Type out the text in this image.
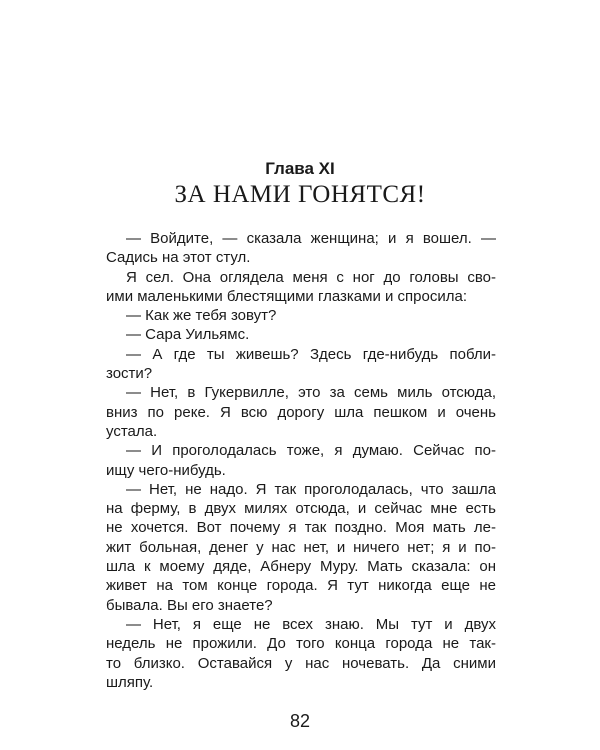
Глава XI
ЗА НАМИ ГОНЯТСЯ!
— Войдите, — сказала женщина; и я вошел. —
Садись на этот стул.
Я сел. Она оглядела меня с ног до головы сво-
ими маленькими блестящими глазками и спросила:
— Как же тебя зовут?
— Сара Уильямс.
— А где ты живешь? Здесь где-нибудь побли-
зости?
— Нет, в Гукервилле, это за семь миль отсюда,
вниз по реке. Я всю дорогу шла пешком и очень
устала.
— И проголодалась тоже, я думаю. Сейчас по-
ищу чего-нибудь.
— Нет, не надо. Я так проголодалась, что зашла
на ферму, в двух милях отсюда, и сейчас мне есть
не хочется. Вот почему я так поздно. Моя мать ле-
жит больная, денег у нас нет, и ничего нет; я и по-
шла к моему дяде, Абнеру Муру. Мать сказала: он
живет на том конце города. Я тут никогда еще не
бывала. Вы его знаете?
— Нет, я еще не всех знаю. Мы тут и двух
недель не прожили. До того конца города не так-
то близко. Оставайся у нас ночевать. Да сними
шляпу.
82
